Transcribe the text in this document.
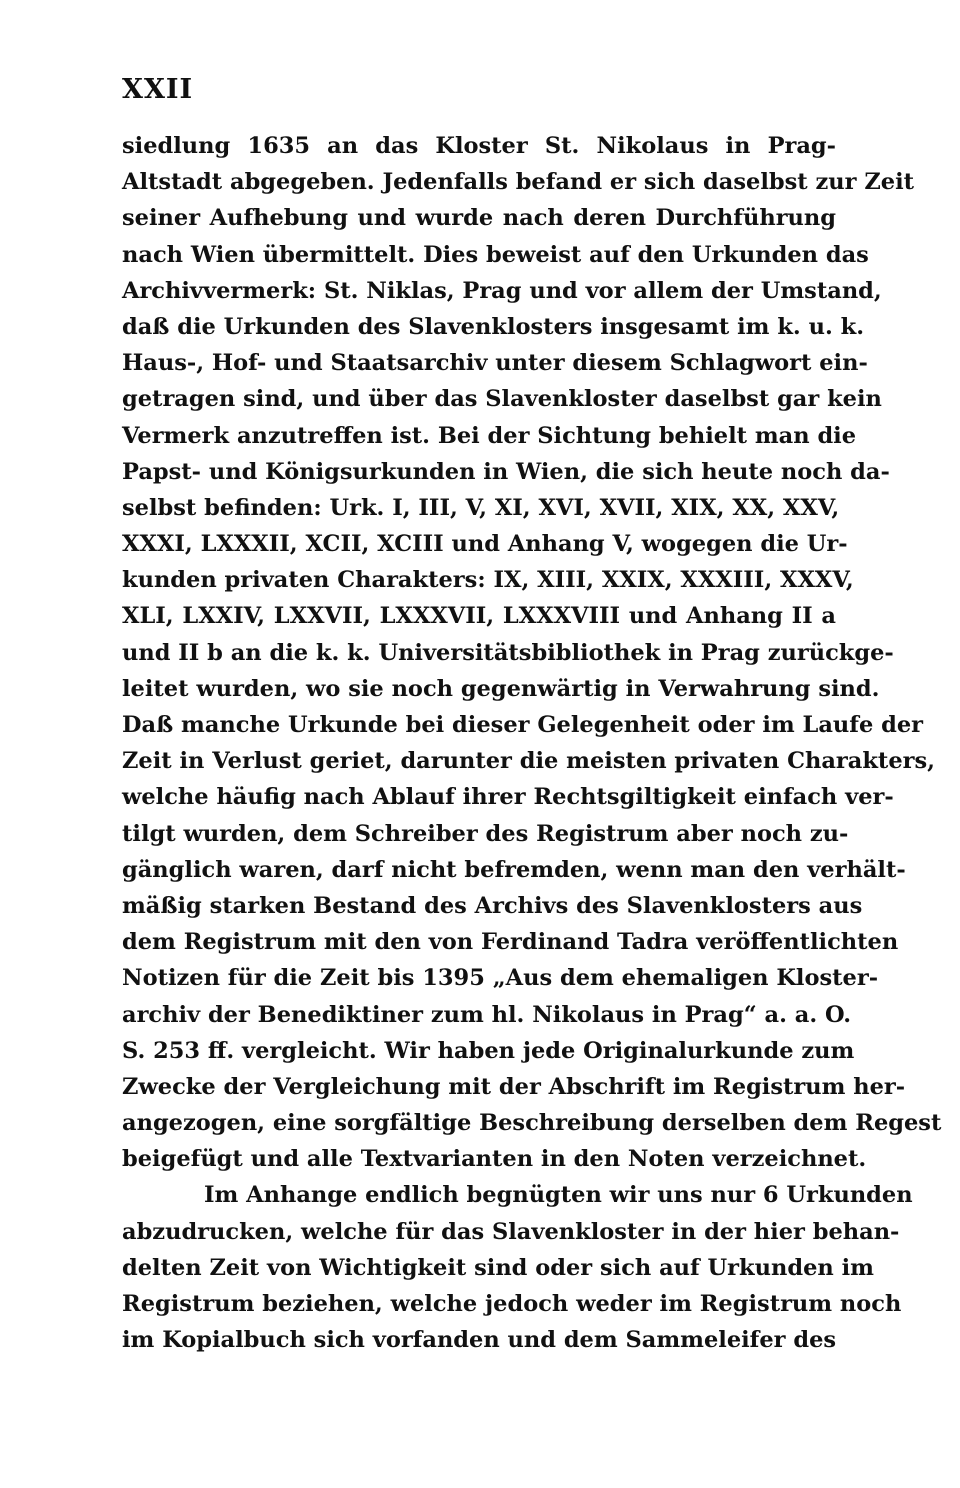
XXII
siedlung 1635 an das Kloster St. Nikolaus in Prag-
Altstadt abgegeben. Jedenfalls befand er sich daselbst zur Zeit
seiner Aufhebung und wurde nach deren Durchführung
nach Wien übermittelt. Dies beweist auf den Urkunden das
Archivvermerk: St. Niklas, Prag und vor allem der Umstand,
daß die Urkunden des Slavenklosters insgesamt im k. u. k.
Haus-, Hof- und Staatsarchiv unter diesem Schlagwort ein-
getragen sind, und über das Slavenkloster daselbst gar kein
Vermerk anzutreffen ist. Bei der Sichtung behielt man die
Papst- und Königsurkunden in Wien, die sich heute noch da-
selbst befinden: Urk. I, III, V, XI, XVI, XVII, XIX, XX, XXV,
XXXI, LXXXII, XCII, XCIII und Anhang V, wogegen die Ur-
kunden privaten Charakters: IX, XIII, XXIX, XXXIII, XXXV,
XLI, LXXIV, LXXVII, LXXXVII, LXXXVIII und Anhang II a
und II b an die k. k. Universitätsbibliothek in Prag zurückge-
leitet wurden, wo sie noch gegenwärtig in Verwahrung sind.
Daß manche Urkunde bei dieser Gelegenheit oder im Laufe der
Zeit in Verlust geriet, darunter die meisten privaten Charakters,
welche häufig nach Ablauf ihrer Rechtsgiltigkeit einfach ver-
tilgt wurden, dem Schreiber des Registrum aber noch zu-
gänglich waren, darf nicht befremden, wenn man den verhält-
mäßig starken Bestand des Archivs des Slavenklosters aus
dem Registrum mit den von Ferdinand Tadra veröffentlichten
Notizen für die Zeit bis 1395 „Aus dem ehemaligen Kloster-
archiv der Benediktiner zum hl. Nikolaus in Prag“ a. a. O.
S. 253 ff. vergleicht. Wir haben jede Originalurkunde zum
Zwecke der Vergleichung mit der Abschrift im Registrum her-
angezogen, eine sorgfältige Beschreibung derselben dem Regest
beigefügt und alle Textvarianten in den Noten verzeichnet.
Im Anhange endlich begnügten wir uns nur 6 Urkunden
abzudrucken, welche für das Slavenkloster in der hier behan-
delten Zeit von Wichtigkeit sind oder sich auf Urkunden im
Registrum beziehen, welche jedoch weder im Registrum noch
im Kopialbuch sich vorfanden und dem Sammeleifer des
